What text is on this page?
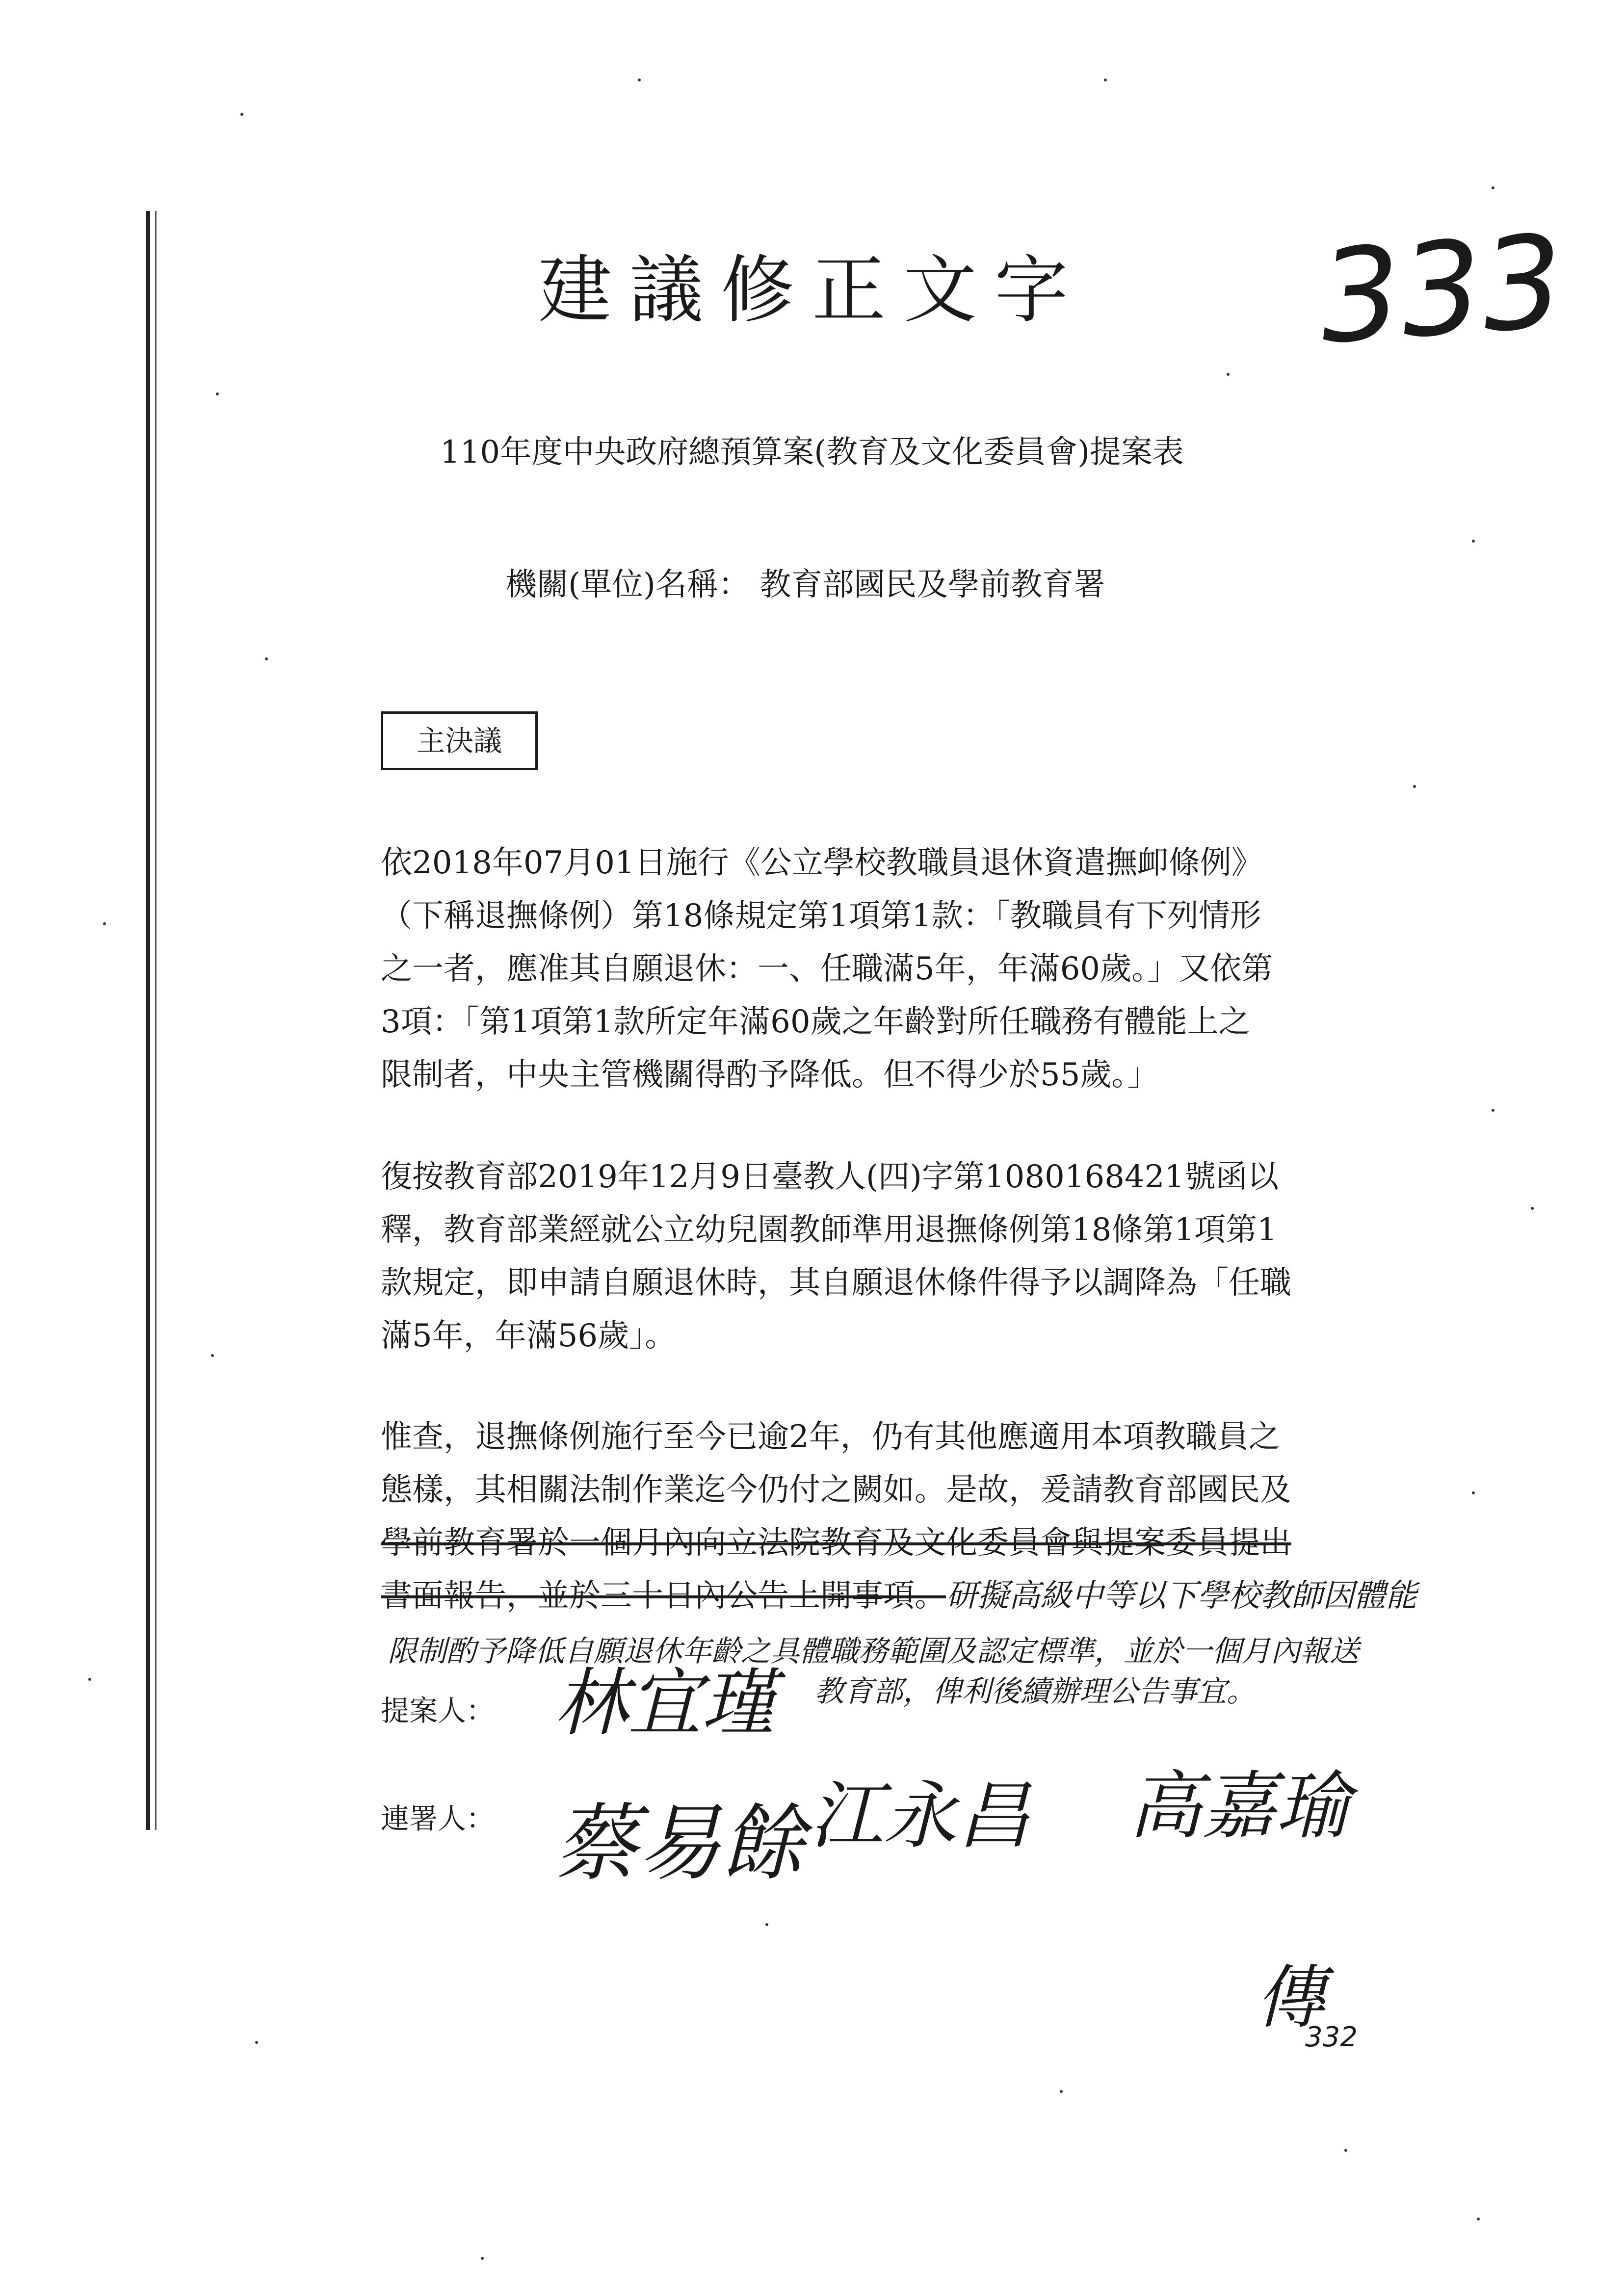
建議修正文字	333
110年度中央政府總預算案(教育及文化委員會)提案表
機關(單位)名稱： 教育部國民及學前教育署
主決議
依2018年07月01日施行《公立學校教職員退休資遣撫卹條例》
（下稱退撫條例）第18條規定第1項第1款：「教職員有下列情形
之一者，應准其自願退休：一、任職滿5年，年滿60歲。」又依第
3項：「第1項第1款所定年滿60歲之年齡對所任職務有體能上之
限制者，中央主管機關得酌予降低。但不得少於55歲。」
復按教育部2019年12月9日臺教人(四)字第1080168421號函以
釋，教育部業經就公立幼兒園教師準用退撫條例第18條第1項第1
款規定，即申請自願退休時，其自願退休條件得予以調降為「任職
滿5年，年滿56歲」。
惟查，退撫條例施行至今已逾2年，仍有其他應適用本項教職員之
態樣，其相關法制作業迄今仍付之闕如。是故，爰請教育部國民及
學前教育署於一個月內向立法院教育及文化委員會與提案委員提出
書面報告，並於三十日內公告上開事項。研擬高級中等以下學校教師因體能
限制酌予降低自願退休年齡之具體職務範圍及認定標準，並於一個月內報送
教育部，俾利後續辦理公告事宜。
提案人： 林宜瑾
連署人： 蔡易餘 江永昌 高嘉瑜
傳
332
